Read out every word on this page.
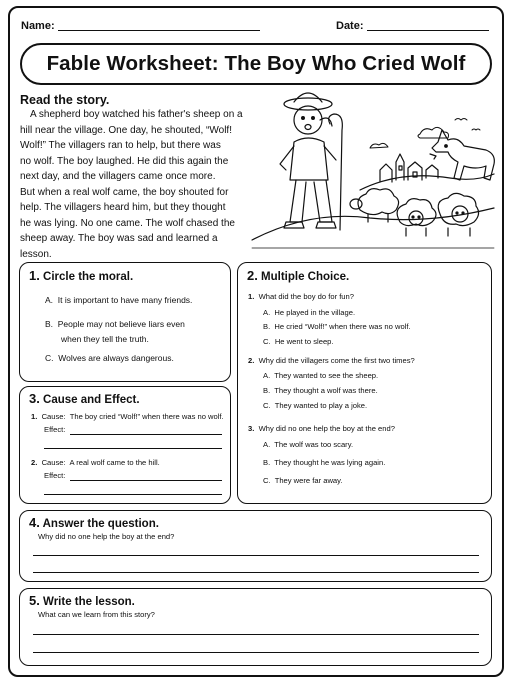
Name:	Date:
Fable Worksheet: The Boy Who Cried Wolf
Read the story.
A shepherd boy watched his father's sheep on a
hill near the village. One day, he shouted, “Wolf!
Wolf!” The villagers ran to help, but there was
no wolf. The boy laughed. He did this again the
next day, and the villagers came once more.
But when a real wolf came, the boy shouted for
help. The villagers heard him, but they thought
he was lying. No one came. The wolf chased the
sheep away. The boy was sad and learned a lesson.
1. Circle the moral.
A. It is important to have many friends.
B. People may not believe liars even
when they tell the truth.
C. Wolves are always dangerous.
3. Cause and Effect.
1. Cause: The boy cried “Wolf!” when there was no wolf.
Effect:
2. Cause: A real wolf came to the hill.
Effect:
2. Multiple Choice.
1. What did the boy do for fun?
A. He played in the village.
B. He cried “Wolf!” when there was no wolf.
C. He went to sleep.
2. Why did the villagers come the first two times?
A. They wanted to see the sheep.
B. They thought a wolf was there.
C. They wanted to play a joke.
3. Why did no one help the boy at the end?
A. The wolf was too scary.
B. They thought he was lying again.
C. They were far away.
4. Answer the question.
Why did no one help the boy at the end?
5. Write the lesson.
What can we learn from this story?
